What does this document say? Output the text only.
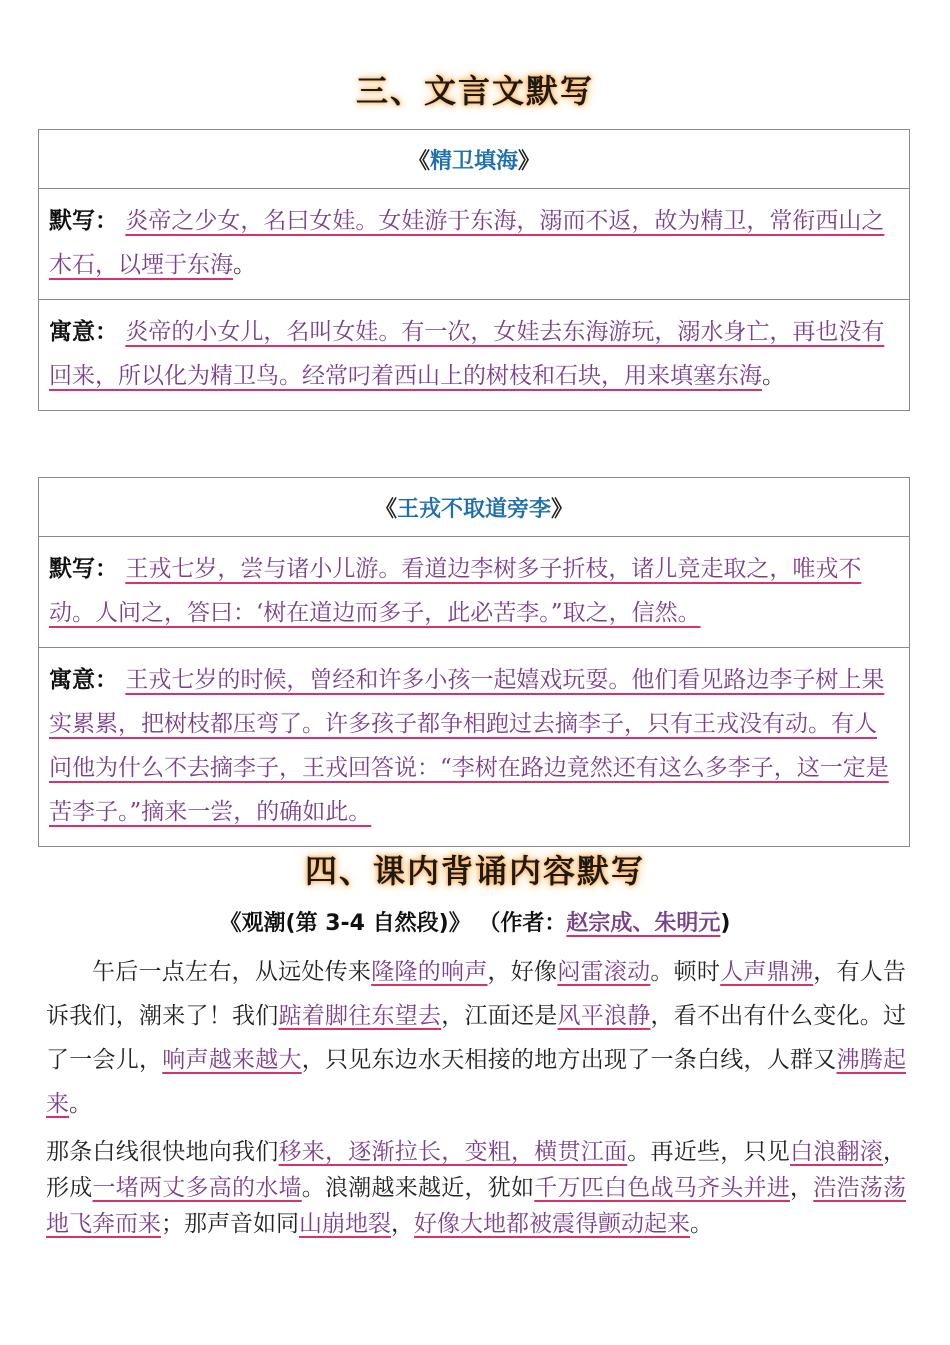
三、文言文默写
《 精卫填海 》
默写： 炎帝之少女，名曰女娃。女娃游于东海，溺而不返，故为精卫，常衔西山之木石，以堙于东海。
寓意： 炎帝的小女儿，名叫女娃。有一次，女娃去东海游玩，溺水身亡，再也没有回来，所以化为精卫鸟。经常叼着西山上的树枝和石块，用来填塞东海。
《 王戎不取道旁李 》
默写： 王戎七岁，尝与诸小儿游。看道边李树多子折枝，诸儿竞走取之，唯戎不动。人问之，答曰：‘树在道边而多子，此必苦李。”取之，信然。
寓意： 王戎七岁的时候，曾经和许多小孩一起嬉戏玩耍。他们看见路边李子树上果实累累，把树枝都压弯了。许多孩子都争相跑过去摘李子，只有王戎没有动。有人问他为什么不去摘李子，王戎回答说：“李树在路边竟然还有这么多李子，这一定是苦李子。”摘来一尝，的确如此。
四、课内背诵内容默写
《观潮(第 3-4 自然段)》 （作者：赵宗成、朱明元)
午后一点左右，从远处传来隆隆的响声，好像闷雷滚动。顿时人声鼎沸，有人告诉我们，潮来了！我们踮着脚往东望去，江面还是风平浪静，看不出有什么变化。过了一会儿，响声越来越大，只见东边水天相接的地方出现了一条白线，人群又沸腾起来。
那条白线很快地向我们移来，逐渐拉长，变粗，横贯江面。再近些，只见白浪翻滚，形成一堵两丈多高的水墙。浪潮越来越近，犹如千万匹白色战马齐头并进，浩浩荡荡地飞奔而来；那声音如同山崩地裂，好像大地都被震得颤动起来。
